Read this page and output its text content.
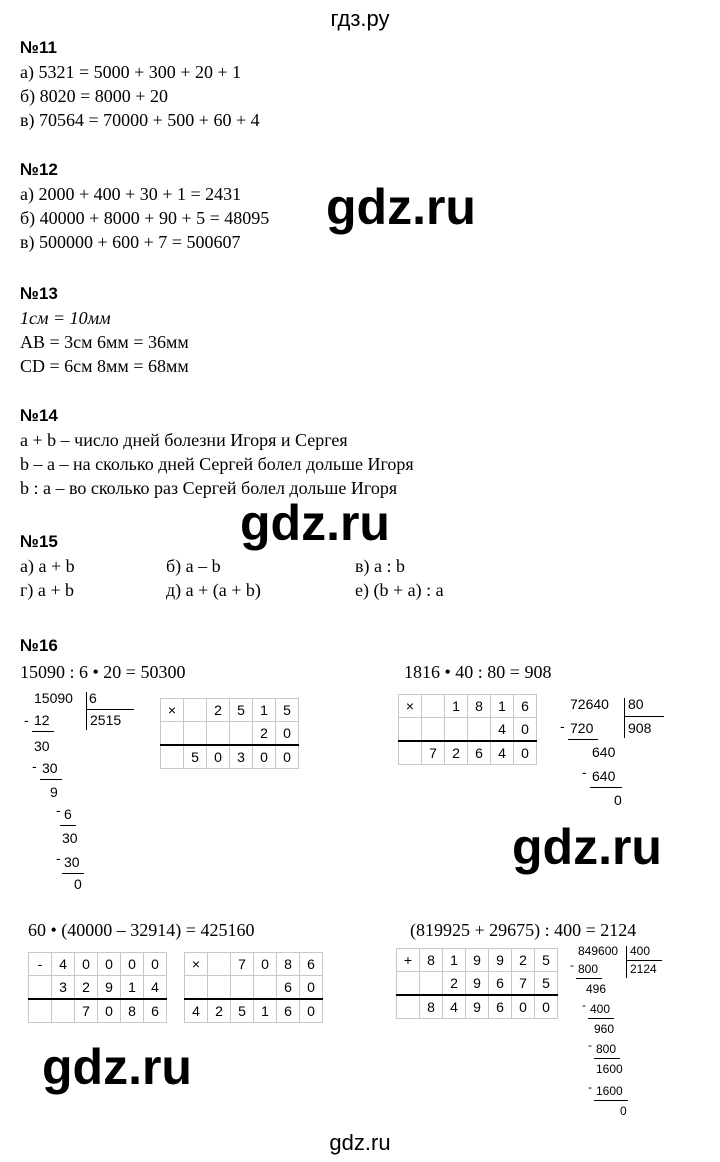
гдз.ру
№11
а) 5321 = 5000 + 300 + 20 + 1
б) 8020 = 8000 + 20
в) 70564 = 70000 + 500 + 60 + 4
№12
а) 2000 + 400 + 30 + 1 = 2431
б) 40000 + 8000 + 90 + 5 = 48095
в) 500000 + 600 + 7 = 500607
gdz.ru
№13
1см = 10мм
AB = 3см 6мм = 36мм
CD = 6см 8мм = 68мм
№14
a + b – число дней болезни Игоря и Сергея
b – a – на сколько дней Сергей болел дольше Игоря
b : a – во сколько раз Сергей болел дольше Игоря
gdz.ru
№15
а) a + b	б) a – b	в) a : b
г) a + b	д) a + (a + b)	е) (b + a) : a
№16
15090 : 6 • 20 = 50300	1816 • 40 : 80 = 908
15090 6
- 12	2515
30
- 30
9
- 6
30
- 30
0
×		2	5	1	5
				2	0
	5	0	3	0	0
×		1	8	1	6
				4	0
	7	2	6	4	0
72640 80
- 720 908
640
- 640
0
gdz.ru
60 • (40000 – 32914) = 425160	(819925 + 29675) : 400 = 2124
-	4	0	0	0	0
	3	2	9	1	4
		7	0	8	6
×		7	0	8	6
				6	0
4	2	5	1	6	0
+	8	1	9	9	2	5
		2	9	6	7	5
	8	4	9	6	0	0
849600 400
- 800	2124
496
- 400
960
- 800
1600
- 1600
0
gdz.ru
gdz.ru
